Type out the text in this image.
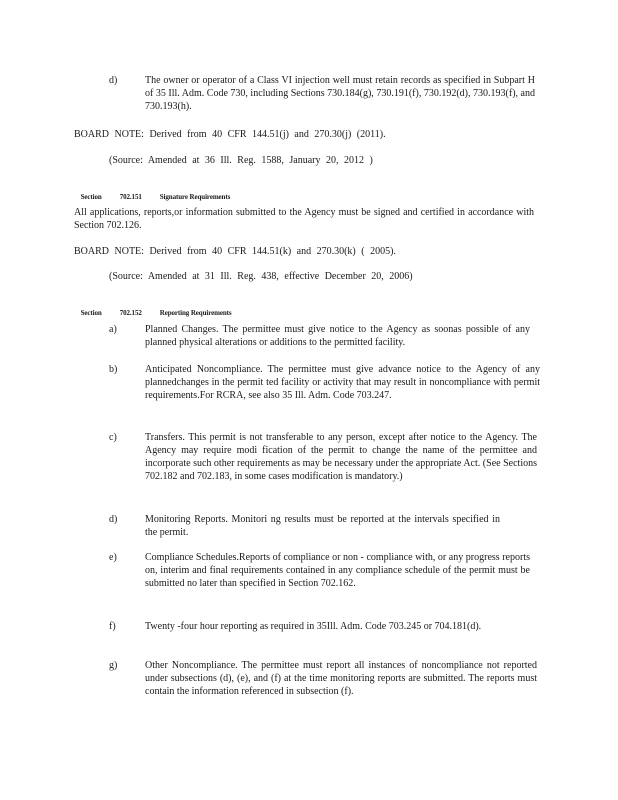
d)	The owner or operator of a Class VI injection well must retain records as specified in Subpart H of 35 Ill. Adm. Code 730, including Sections 730.184(g), 730.191(f), 730.192(d), 730.193(f), and 730.193(h).
BOARD NOTE: Derived from 40 CFR 144.51(j) and 270.30(j) (2011).
(Source: Amended at 36 Ill. Reg. 1588, January 20, 2012 )

Section	702.151	Signature Requirements

All applications, reports,or information submitted to the Agency must be signed and certified in accordance with Section 702.126.
BOARD NOTE: Derived from 40 CFR 144.51(k) and 270.30(k) ( 2005).
(Source: Amended at 31 Ill. Reg. 438, effective December 20, 2006)

Section	702.152	Reporting Requirements

a)	Planned Changes. The permittee must give notice to the Agency as soonas possible of any planned physical alterations or additions to the permitted facility.
b)	Anticipated Noncompliance. The permittee must give advance notice to the Agency of any plannedchanges in the permit ted facility or activity that may result in noncompliance with permit requirements.For RCRA, see also 35 Ill. Adm. Code 703.247.
c)	Transfers. This permit is not transferable to any person, except after notice to the Agency. The Agency may require modi fication of the permit to change the name of the permittee and incorporate such other requirements as may be necessary under the appropriate Act. (See Sections 702.182 and 702.183, in some cases modification is mandatory.)
d)	Monitoring Reports. Monitori ng results must be reported at the intervals specified in the permit.
e)	Compliance Schedules.Reports of compliance or non - compliance with, or any progress reports on, interim and final requirements contained in any compliance schedule of the permit must be submitted no later than specified in Section 702.162.
f)	Twenty -four hour reporting as required in 35Ill. Adm. Code 703.245 or 704.181(d).
g)	Other Noncompliance. The permittee must report all instances of noncompliance not reported under subsections (d), (e), and (f) at the time monitoring reports are submitted. The reports must contain the information referenced in subsection (f).
